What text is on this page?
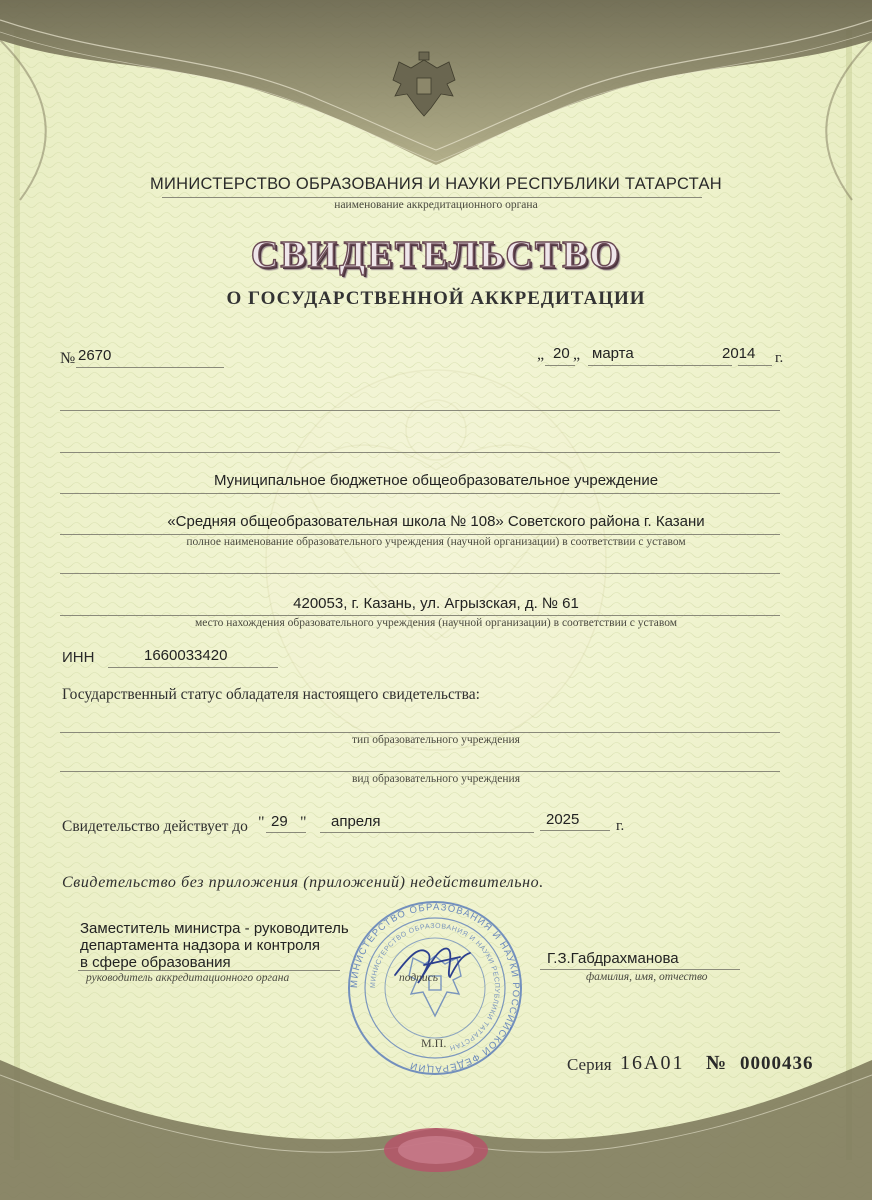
МИНИСТЕРСТВО ОБРАЗОВАНИЯ И НАУКИ РЕСПУБЛИКИ ТАТАРСТАН
наименование аккредитационного органа
СВИДЕТЕЛЬСТВО
О ГОСУДАРСТВЕННОЙ АККРЕДИТАЦИИ
№ 2670	„ 20 „ марта	2014 г.
Муниципальное бюджетное общеобразовательное учреждение
«Средняя общеобразовательная школа № 108» Советского района г. Казани
полное наименование образовательного учреждения (научной организации) в соответствии с уставом
420053, г. Казань, ул. Агрызская, д. № 61
место нахождения образовательного учреждения (научной организации) в соответствии с уставом
ИНН	1660033420
Государственный статус обладателя настоящего свидетельства:
тип образовательного учреждения
вид образовательного учреждения
Свидетельство действует до " 29 " апреля	2025 г.
Свидетельство без приложения (приложений) недействительно.
Заместитель министра - руководитель
департамента надзора и контроля
в сфере образования
руководитель аккредитационного органа	МИНИСТЕРСТВО ОБРАЗОВАНИЯ И НАУКИ РОССИЙСКОЙ ФЕДЕРАЦИИ
МИНИСТЕРСТВО ОБРАЗОВАНИЯ И НАУКИ РЕСПУБЛИКИ ТАТАРСТАН
подпись
Г.З.Габдрахманова
фамилия, имя, отчество
М.П.
Серия 16А01 № 0000436
